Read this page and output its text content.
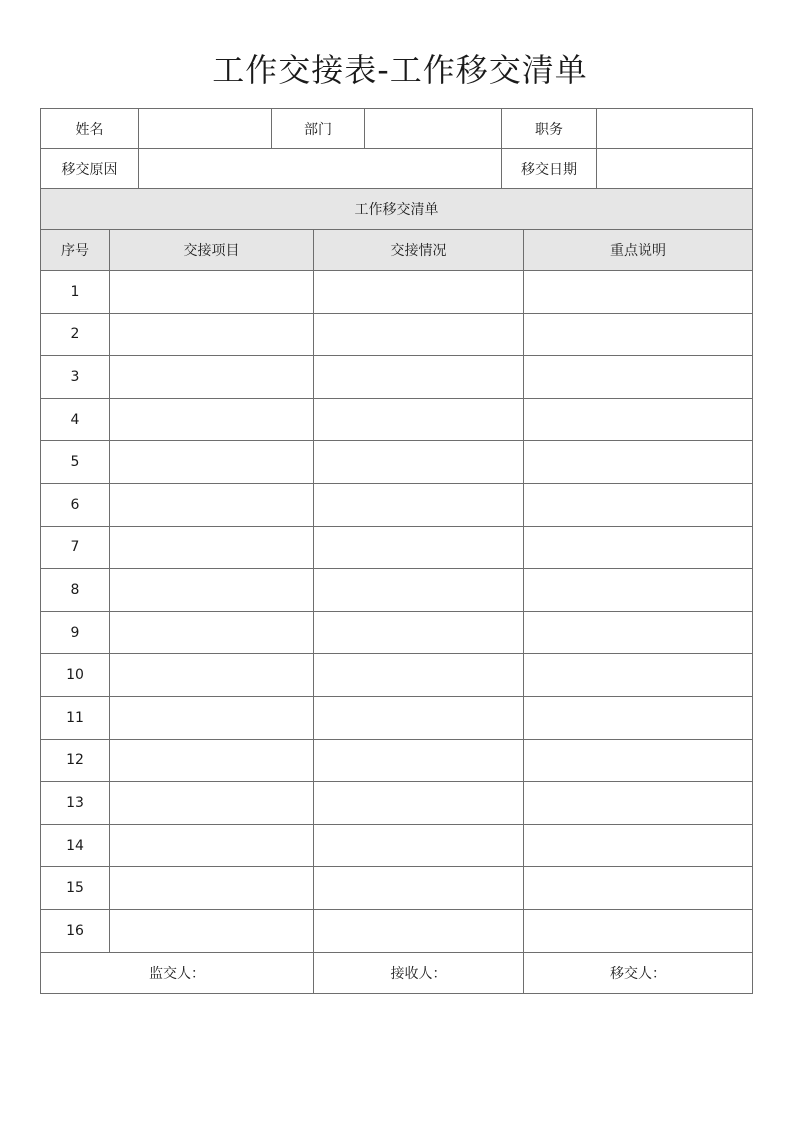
工作交接表-工作移交清单
姓名		部门		职务	
移交原因				移交日期	
工作移交清单			
序号	交接项目	交接情况	重点说明
1			
2			
3			
4			
5			
6			
7			
8			
9			
10			
11			
12			
13			
14			
15			
16			
监交人：		接收人：	移交人：
